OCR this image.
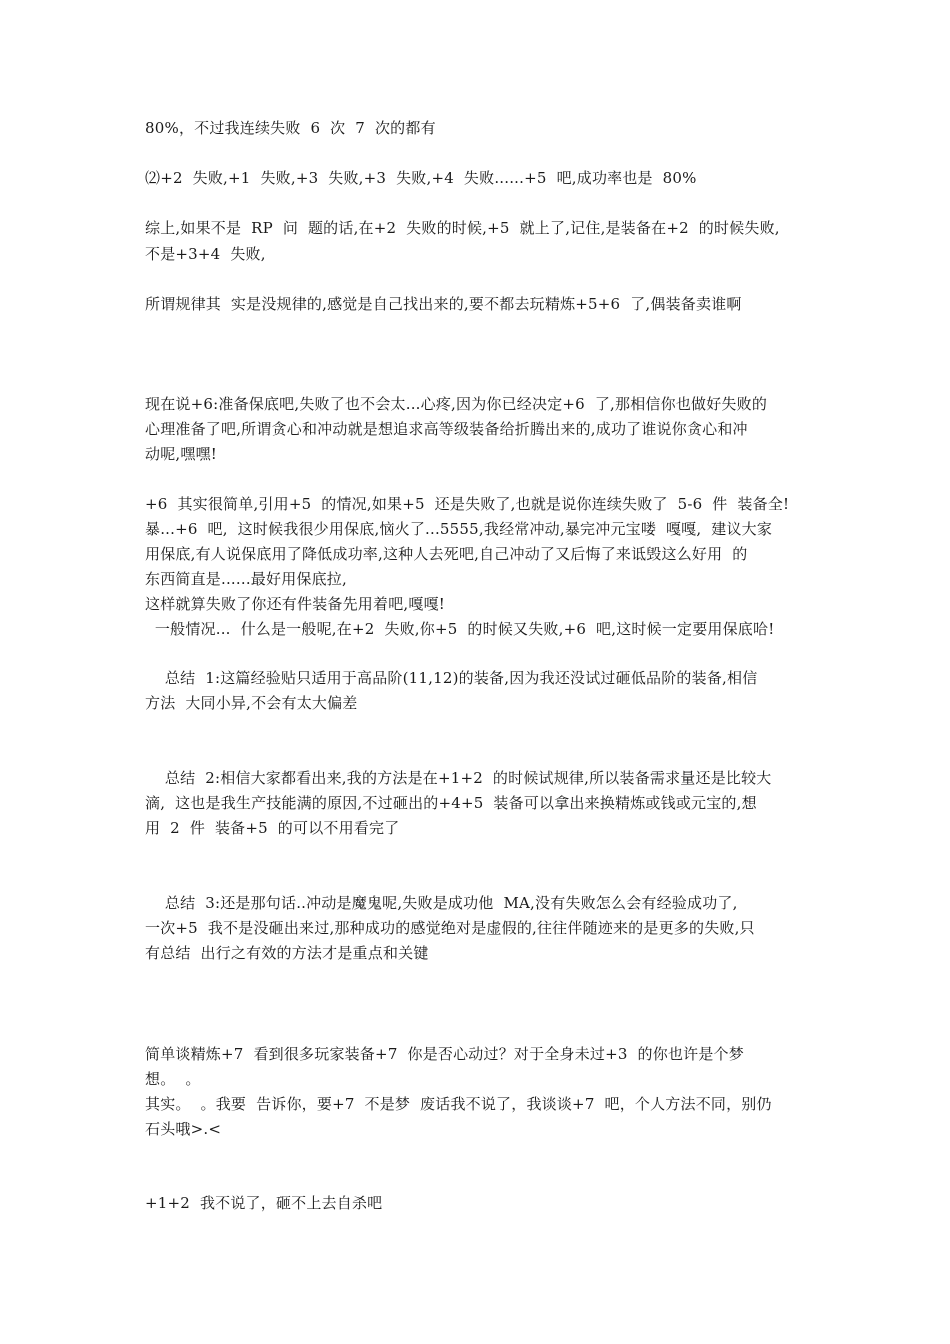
80%，不过我连续失败  6  次  7  次的都有
⑵+2  失败,+1  失败,+3  失败,+3  失败,+4  失败......+5  吧,成功率也是  80%
综上,如果不是  RP  问  题的话,在+2  失败的时候,+5  就上了,记住,是装备在+2  的时候失败,
不是+3+4  失败,
所谓规律其  实是没规律的,感觉是自己找出来的,要不都去玩精炼+5+6  了,偶装备卖谁啊
现在说+6:准备保底吧,失败了也不会太...心疼,因为你已经决定+6  了,那相信你也做好失败的
心理准备了吧,所谓贪心和冲动就是想追求高等级装备给折腾出来的,成功了谁说你贪心和冲
动呢,嘿嘿!
+6  其实很简单,引用+5  的情况,如果+5  还是失败了,也就是说你连续失败了  5-6  件  装备全!
暴...+6  吧,  这时候我很少用保底,恼火了...5555,我经常冲动,暴完冲元宝喽  嘎嘎,  建议大家
用保底,有人说保底用了降低成功率,这种人去死吧,自己冲动了又后悔了来诋毁这么好用  的
东西简直是......最好用保底拉,
这样就算失败了你还有件装备先用着吧,嘎嘎!
一般情况...  什么是一般呢,在+2  失败,你+5  的时候又失败,+6  吧,这时候一定要用保底哈!
总结  1:这篇经验贴只适用于高品阶(11,12)的装备,因为我还没试过砸低品阶的装备,相信
方法  大同小异,不会有太大偏差
总结  2:相信大家都看出来,我的方法是在+1+2  的时候试规律,所以装备需求量还是比较大
滴,  这也是我生产技能满的原因,不过砸出的+4+5  装备可以拿出来换精炼或钱或元宝的,想
用  2  件  装备+5  的可以不用看完了
总结  3:还是那句话..冲动是魔鬼呢,失败是成功他  MA,没有失败怎么会有经验成功了,
一次+5  我不是没砸出来过,那种成功的感觉绝对是虚假的,往往伴随迹来的是更多的失败,只
有总结  出行之有效的方法才是重点和关键
简单谈精炼+7  看到很多玩家装备+7  你是否心动过？对于全身未过+3  的你也许是个梦
想。  。
其实。  。我要  告诉你，要+7  不是梦  废话我不说了，我谈谈+7  吧，个人方法不同，别仍
石头哦>.<
+1+2  我不说了，砸不上去自杀吧
